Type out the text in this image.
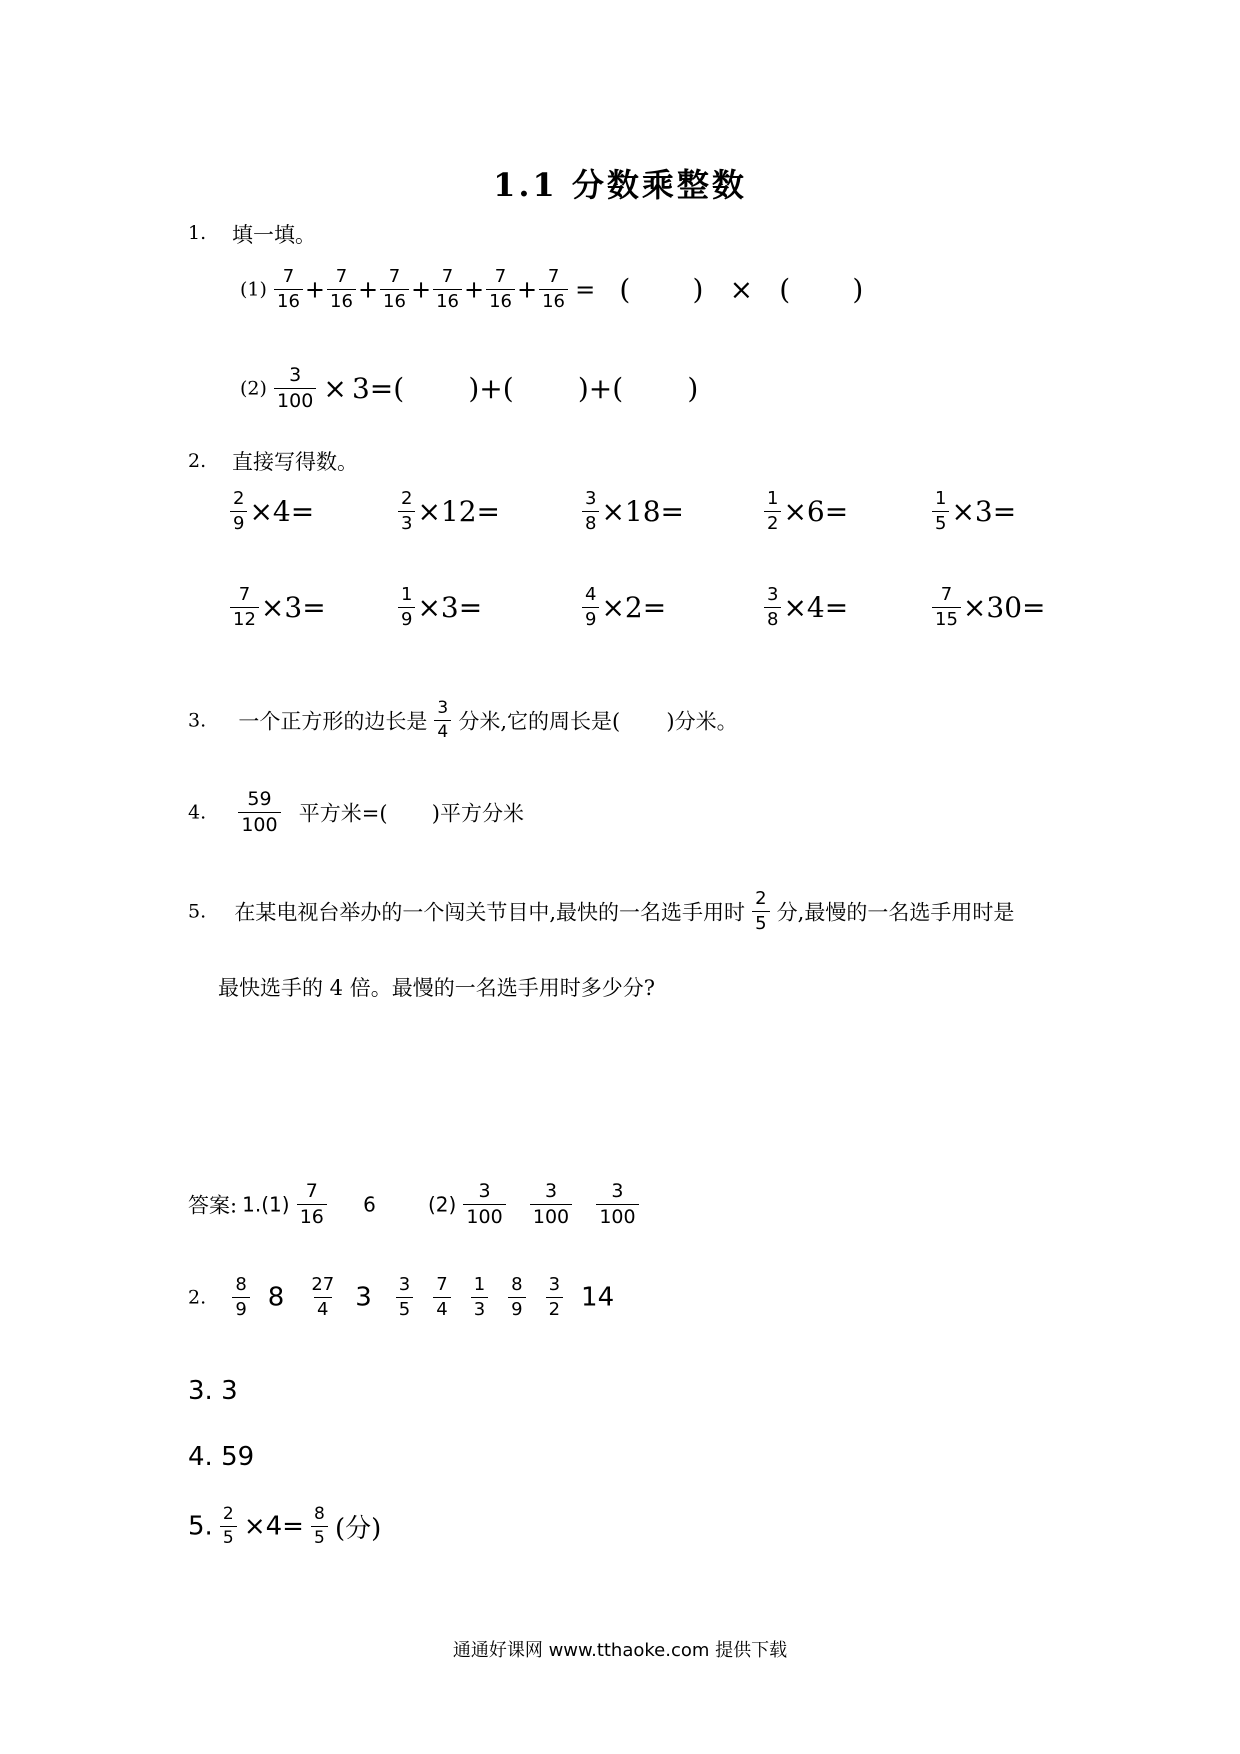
1.1 分数乘整数
1. 填一填。
$(1) \frac{7}{16} + \frac{7}{16} + \frac{7}{16} + \frac{7}{16} + \frac{7}{16} + \frac{7}{16}$ = ( ) × ( )
$(2) \frac{3}{100} \times 3=$( )+( )+( )
2. 直接写得数。
3. 一个正方形的边长是 $\frac{3}{4}$ 分米,它的周长是( )分米。
4. $\frac{59}{100}$ 平方米=( )平方分米
5. 在某电视台举办的一个闯关节目中,最快的一名选手用时 $\frac{2}{5}$ 分,最慢的一名选手用时是
最快选手的 4 倍。最慢的一名选手用时多少分?
答案: $1.(1) \frac{7}{16} 6$	$(2) \frac{3}{100}$
$\frac{3}{100}$
$\frac{3}{100}$
2. $\frac{8}{9} 8 \frac{27}{4} 3 \frac{3}{5} \frac{7}{4} \frac{1}{3} \frac{8}{9} \frac{3}{2} 14$
3. 3
4. 59
5. $\frac{2}{5} \times 4= \frac{8}{5}$ (分)
通通好课网 www.tthaoke.com 提供下载
$\frac{2}{9} \times 4=$	$\frac{2}{3} \times 12=$	$\frac{3}{8} \times 18=$	$\frac{1}{2} \times 6=$	$\frac{1}{5} \times 3=$
$\frac{7}{12} \times 3=$	$\frac{1}{9} \times 3=$	$\frac{4}{9} \times 2=$	$\frac{3}{8} \times 4=$	$\frac{7}{15} \times 30=$
